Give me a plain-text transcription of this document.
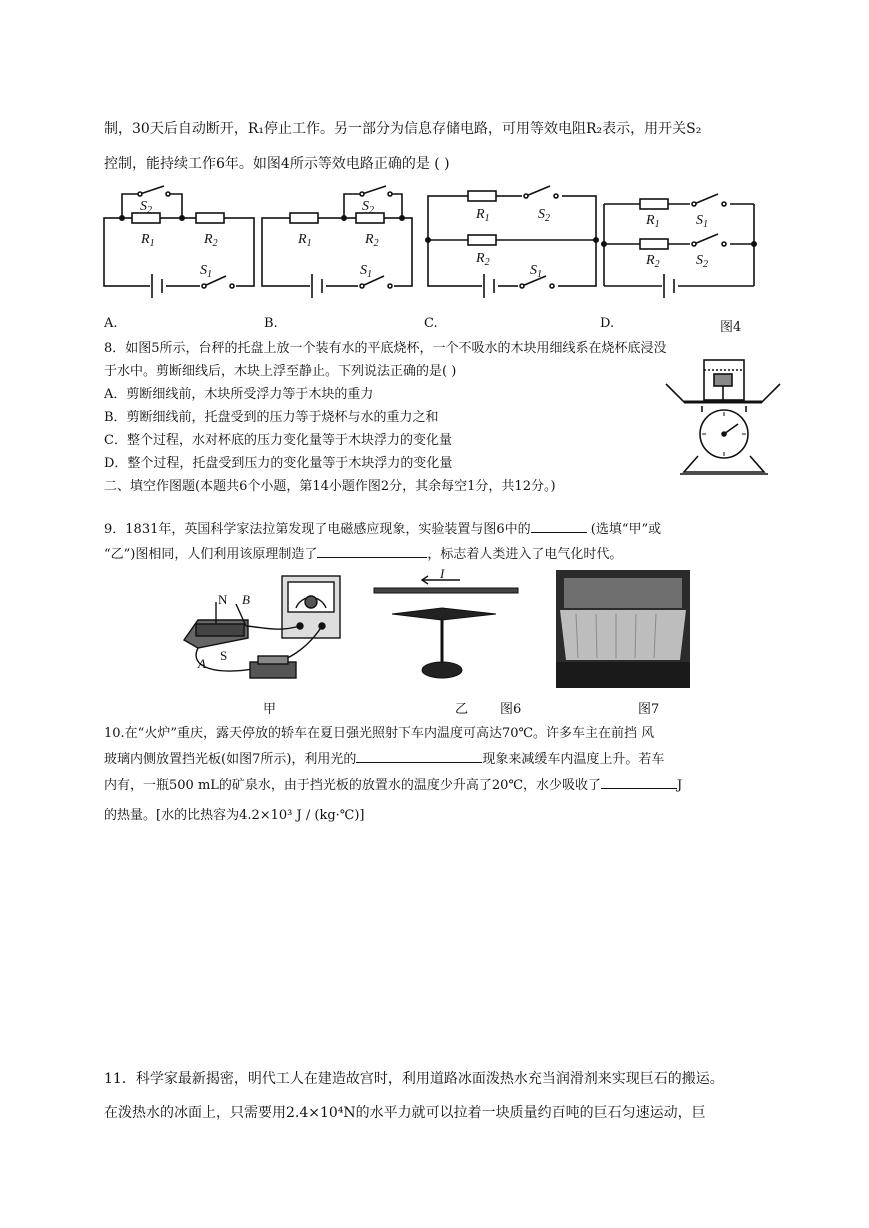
制，30天后自动断开，R₁停止工作。另一部分为信息存储电路，可用等效电阻R₂表示，用开关S₂
控制，能持续工作6年。如图4所示等效电路正确的是 ( )
$S_2$
$R_1$	$R_2$
$S_1$
$S_2$
$R_1$	$R_2$
$S_1$
$R_1$	$S_2$
$R_2$
$S_1$
$R_1$	$S_1$
$R_2$	$S_2$
A.	B.	C.	D.	图4
8．如图5所示，台秤的托盘上放一个装有水的平底烧杯，一个不吸水的木块用细线系在烧杯底浸没
于水中。剪断细线后，木块上浮至静止。下列说法正确的是( )
A．剪断细线前，木块所受浮力等于木块的重力
B．剪断细线前，托盘受到的压力等于烧杯与水的重力之和
C．整个过程，水对杯底的压力变化量等于木块浮力的变化量
D．整个过程，托盘受到压力的变化量等于木块浮力的变化量
二、填空作图题(本题共6个小题，第14小题作图2分，其余每空1分，共12分。)
9．1831年，英国科学家法拉第发现了电磁感应现象，实验装置与图6中的	(选填“甲”或
“乙”)图相同，人们利用该原理制造了	，标志着人类进入了电气化时代。
N B
A
S
I
甲	乙 图6	图7
10.在“火炉”重庆，露天停放的轿车在夏日强光照射下车内温度可高达70℃。许多车主在前挡 风
玻璃内侧放置挡光板(如图7所示)，利用光的	现象来减缓车内温度上升。若车
内有，一瓶500 mL的矿泉水，由于挡光板的放置水的温度少升高了20℃，水少吸收了	J
的热量。[水的比热容为4.2×10³ J / (kg·℃)]
11．科学家最新揭密，明代工人在建造故宫时，利用道路冰面泼热水充当润滑剂来实现巨石的搬运。
在泼热水的冰面上，只需要用2.4×10⁴N的水平力就可以拉着一块质量约百吨的巨石匀速运动，巨
